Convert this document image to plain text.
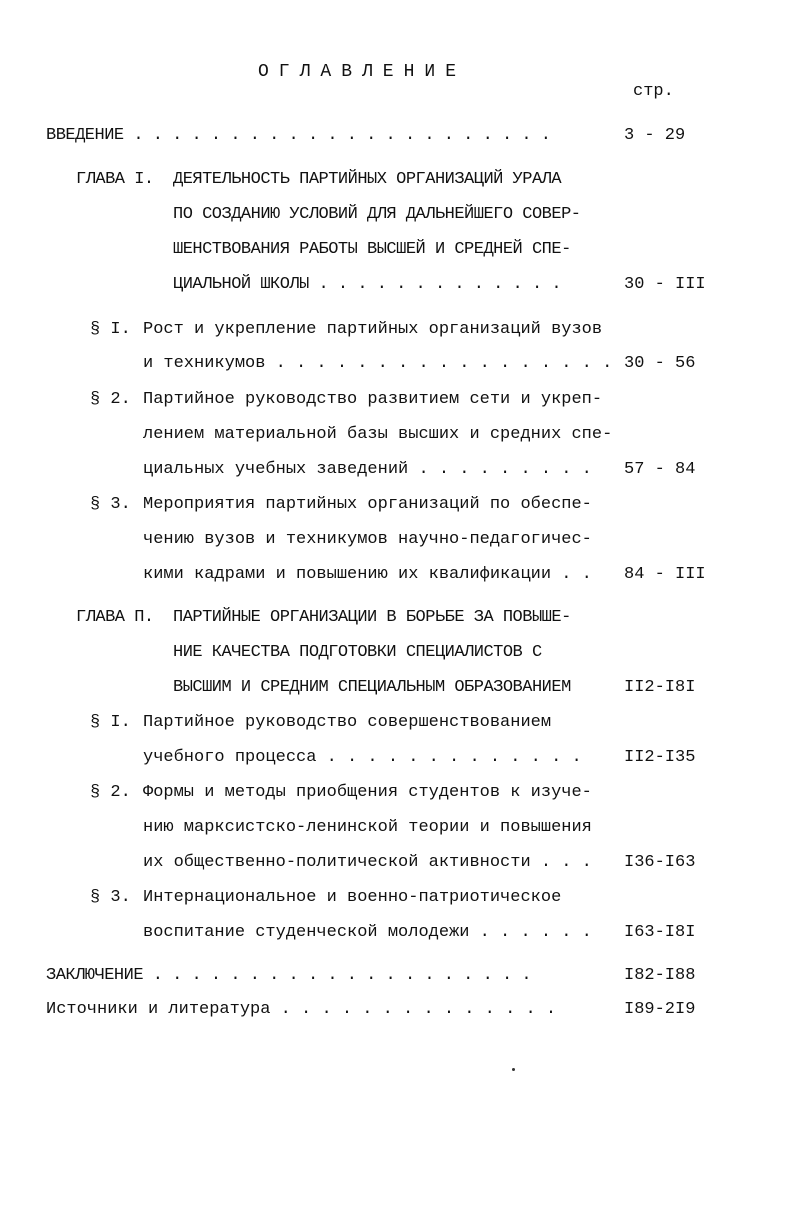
ОГЛАВЛЕНИЕ
стр.
ВВЕДЕНИЕ . . . . . . . . . . . . . . . . . . . . . .	3 - 29
ГЛАВА I. ДЕЯТЕЛЬНОСТЬ ПАРТИЙНЫХ ОРГАНИЗАЦИЙ УРАЛА
ПО СОЗДАНИЮ УСЛОВИЙ ДЛЯ ДАЛЬНЕЙШЕГО СОВЕР-
ШЕНСТВОВАНИЯ РАБОТЫ ВЫСШЕЙ И СРЕДНЕЙ СПЕ-
ЦИАЛЬНОЙ ШКОЛЫ . . . . . . . . . . . . .	30 - III
§ I. Рост и укрепление партийных организаций вузов
и техникумов . . . . . . . . . . . . . . . . . 30 - 56
§ 2. Партийное руководство развитием сети и укреп-
лением материальной базы высших и средних спе-
циальных учебных заведений . . . . . . . . . 57 - 84
§ 3. Мероприятия партийных организаций по обеспе-
чению вузов и техникумов научно-педагогичес-
кими кадрами и повышению их квалификации . . 84 - III
ГЛАВА П. ПАРТИЙНЫЕ ОРГАНИЗАЦИИ В БОРЬБЕ ЗА ПОВЫШЕ-
НИЕ КАЧЕСТВА ПОДГОТОВКИ СПЕЦИАЛИСТОВ С
ВЫСШИМ И СРЕДНИМ СПЕЦИАЛЬНЫМ ОБРАЗОВАНИЕМ	II2-I8I
§ I. Партийное руководство совершенствованием
учебного процесса . . . . . . . . . . . . . II2-I35
§ 2. Формы и методы приобщения студентов к изуче-
нию марксистско-ленинской теории и повышения
их общественно-политической активности . . . I36-I63
§ 3. Интернациональное и военно-патриотическое
воспитание студенческой молодежи . . . . . . I63-I8I
ЗАКЛЮЧЕНИЕ . . . . . . . . . . . . . . . . . . . .	I82-I88
Источники и литература . . . . . . . . . . . . . .	I89-2I9
